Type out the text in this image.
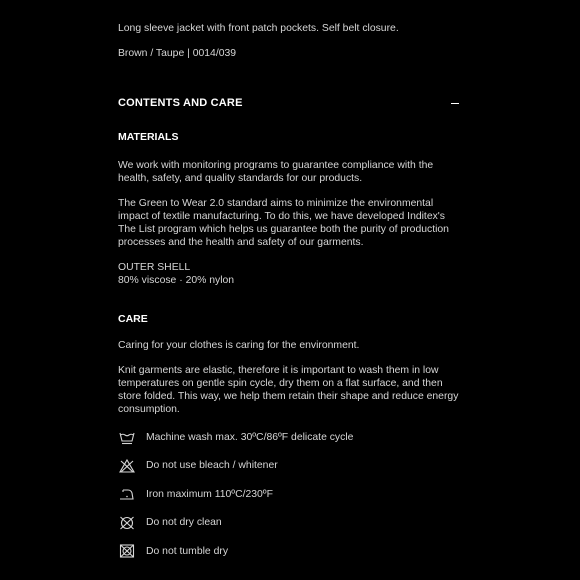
Long sleeve jacket with front patch pockets. Self belt closure.

Brown / Taupe | 0014/039

CONTENTS AND CARE
MATERIALS

We work with monitoring programs to guarantee compliance with the health, safety, and quality standards for our products.

The Green to Wear 2.0 standard aims to minimize the environmental impact of textile manufacturing. To do this, we have developed Inditex's The List program which helps us guarantee both the purity of production processes and the health and safety of our garments.

OUTER SHELL

80% viscose · 20% nylon

CARE

Caring for your clothes is caring for the environment.

Knit garments are elastic, therefore it is important to wash them in low temperatures on gentle spin cycle, dry them on a flat surface, and then store folded. This way, we help them retain their shape and reduce energy consumption.

Machine wash max. 30ºC/86ºF delicate cycle
Do not use bleach / whitener
Iron maximum 110ºC/230ºF
Do not dry clean
Do not tumble dry
